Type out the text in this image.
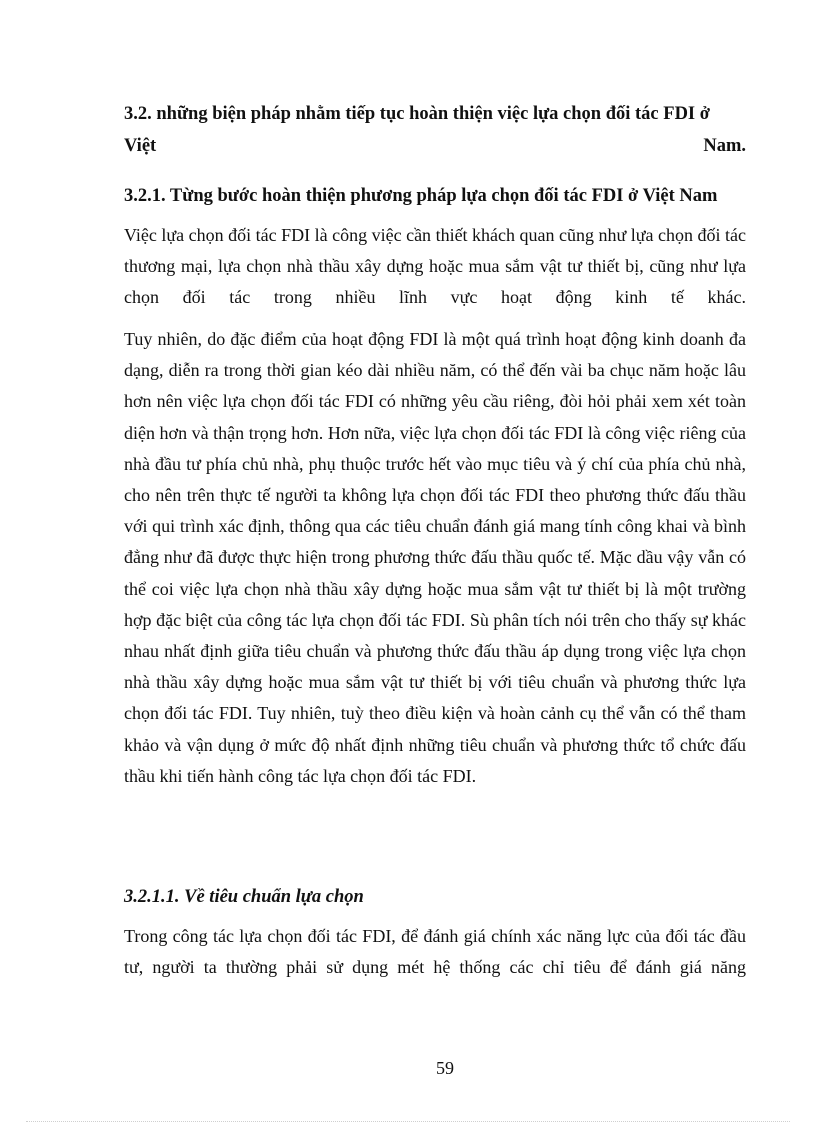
3.2. những biện pháp nhằm tiếp tục hoàn thiện việc lựa chọn đối tác FDI ở
Việt	Nam.
3.2.1. Từng bước hoàn thiện phương pháp lựa chọn đối tác FDI ở Việt Nam

Việc lựa chọn đối tác FDI là công việc cần thiết khách quan cũng như lựa chọn đối tác thương mại, lựa chọn nhà thầu xây dựng hoặc mua sắm vật tư thiết bị, cũng như lựa chọn đối tác trong nhiều lĩnh vực hoạt động kinh tế khác.

Tuy nhiên, do đặc điểm của hoạt động FDI là một quá trình hoạt động kinh doanh đa dạng, diễn ra trong thời gian kéo dài nhiều năm, có thể đến vài ba chục năm hoặc lâu hơn nên việc lựa chọn đối tác FDI có những yêu cầu riêng, đòi hỏi phải xem xét toàn diện hơn và thận trọng hơn. Hơn nữa, việc lựa chọn đối tác FDI là công việc riêng của nhà đầu tư phía chủ nhà, phụ thuộc trước hết vào mục tiêu và ý chí của phía chủ nhà, cho nên trên thực tế người ta không lựa chọn đối tác FDI theo phương thức đấu thầu với qui trình xác định, thông qua các tiêu chuẩn đánh giá mang tính công khai và bình đẳng như đã được thực hiện trong phương thức đấu thầu quốc tế. Mặc dầu vậy vẫn có thể coi việc lựa chọn nhà thầu xây dựng hoặc mua sắm vật tư thiết bị là một trường hợp đặc biệt của công tác lựa chọn đối tác FDI. Sù phân tích nói trên cho thấy sự khác nhau nhất định giữa tiêu chuẩn và phương thức đấu thầu áp dụng trong việc lựa chọn nhà thầu xây dựng hoặc mua sắm vật tư thiết bị với tiêu chuẩn và phương thức lựa chọn đối tác FDI. Tuy nhiên, tuỳ theo điều kiện và hoàn cảnh cụ thể vẫn có thể tham khảo và vận dụng ở mức độ nhất định những tiêu chuẩn và phương thức tổ chức đấu thầu khi tiến hành công tác lựa chọn đối tác FDI.

3.2.1.1. Về tiêu chuẩn lựa chọn

Trong công tác lựa chọn đối tác FDI, để đánh giá chính xác năng lực của đối tác đầu tư, người ta thường phải sử dụng mét hệ thống các chỉ tiêu để đánh giá năng

59
